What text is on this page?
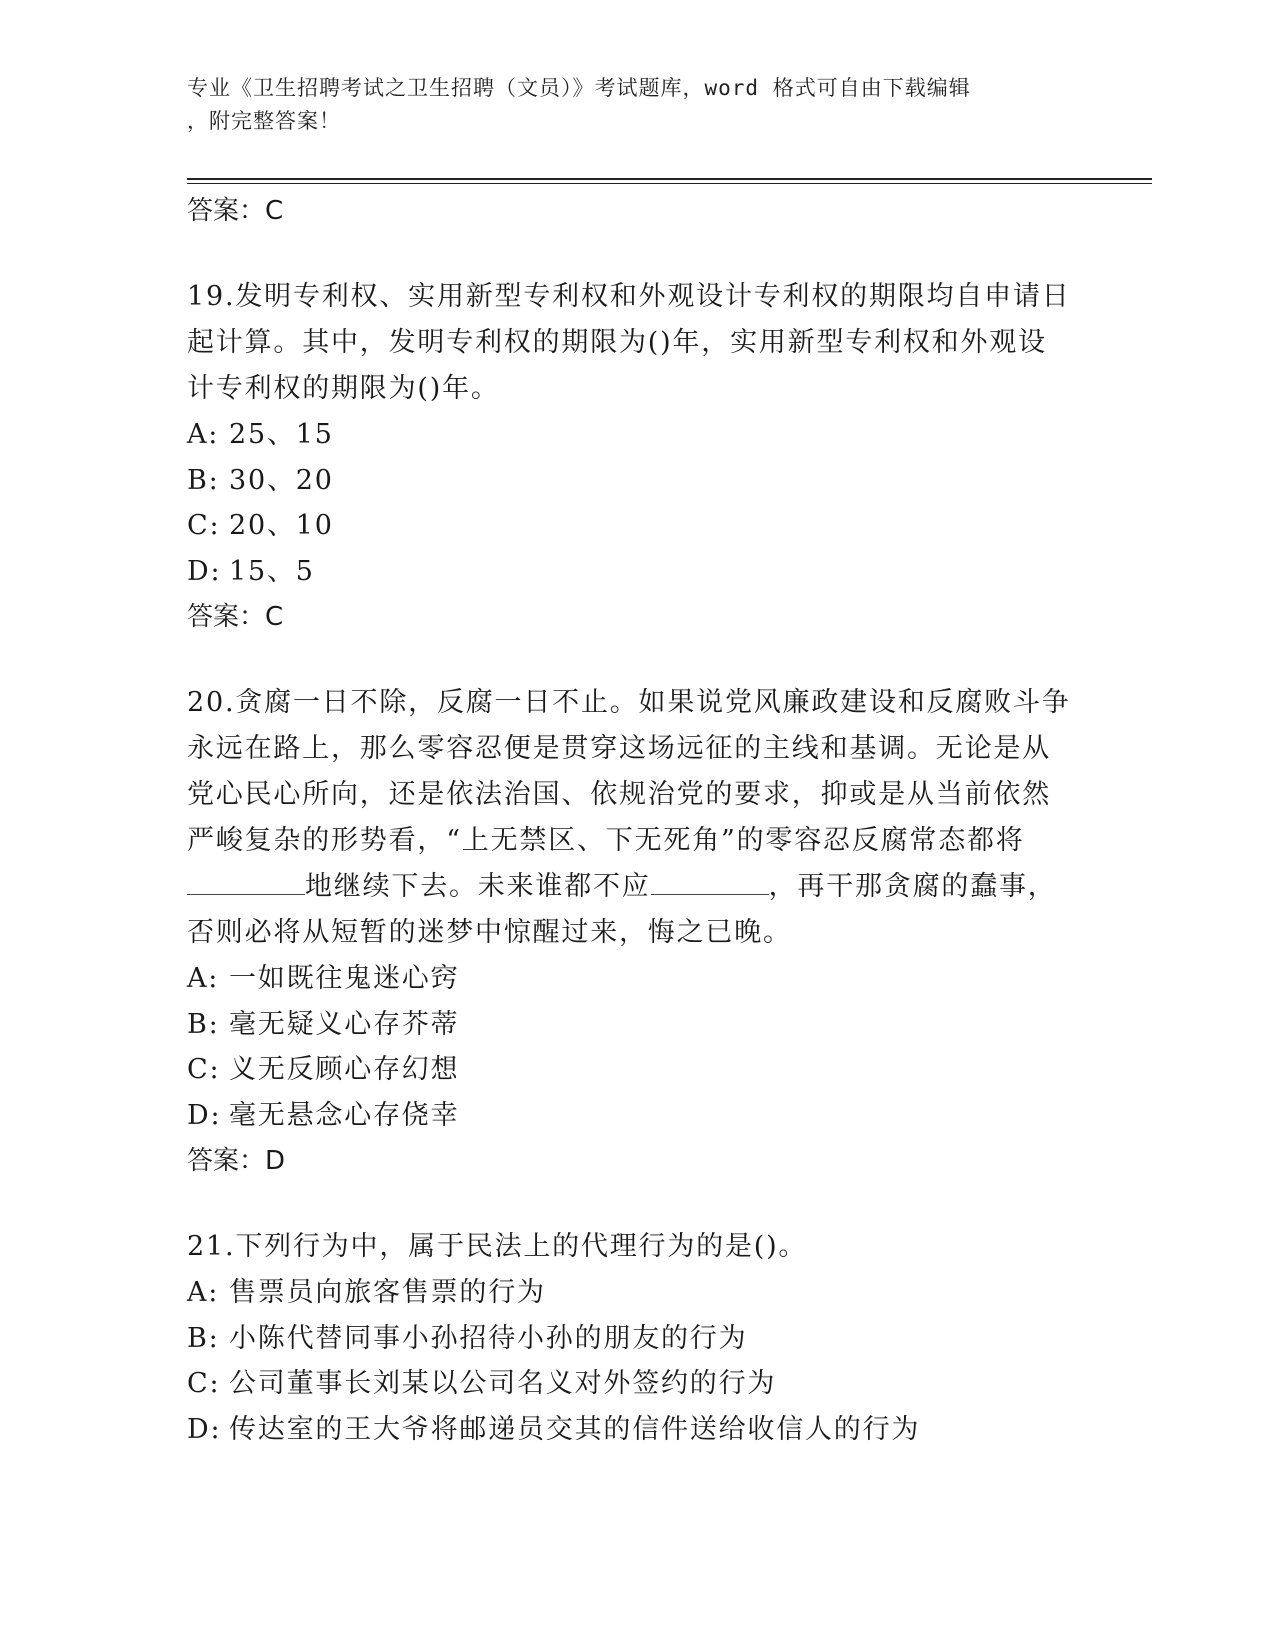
专业《卫生招聘考试之卫生招聘（文员）》考试题库，word 格式可自由下载编辑
，附完整答案！

答案：C

19.发明专利权、实用新型专利权和外观设计专利权的期限均自申请日

起计算。其中，发明专利权的期限为()年，实用新型专利权和外观设

计专利权的期限为()年。

A: 25、15

B: 30、20

C: 20、10

D: 15、5

答案：C

20.贪腐一日不除，反腐一日不止。如果说党风廉政建设和反腐败斗争

永远在路上，那么零容忍便是贯穿这场远征的主线和基调。无论是从

党心民心所向，还是依法治国、依规治党的要求，抑或是从当前依然

严峻复杂的形势看，“上无禁区、下无死角”的零容忍反腐常态都将

地继续下去。未来谁都不应	，再干那贪腐的蠢事，

否则必将从短暂的迷梦中惊醒过来，悔之已晚。

A: 一如既往鬼迷心窍

B: 毫无疑义心存芥蒂

C: 义无反顾心存幻想

D: 毫无悬念心存侥幸

答案：D

21.下列行为中，属于民法上的代理行为的是()。

A: 售票员向旅客售票的行为

B: 小陈代替同事小孙招待小孙的朋友的行为

C: 公司董事长刘某以公司名义对外签约的行为

D: 传达室的王大爷将邮递员交其的信件送给收信人的行为
